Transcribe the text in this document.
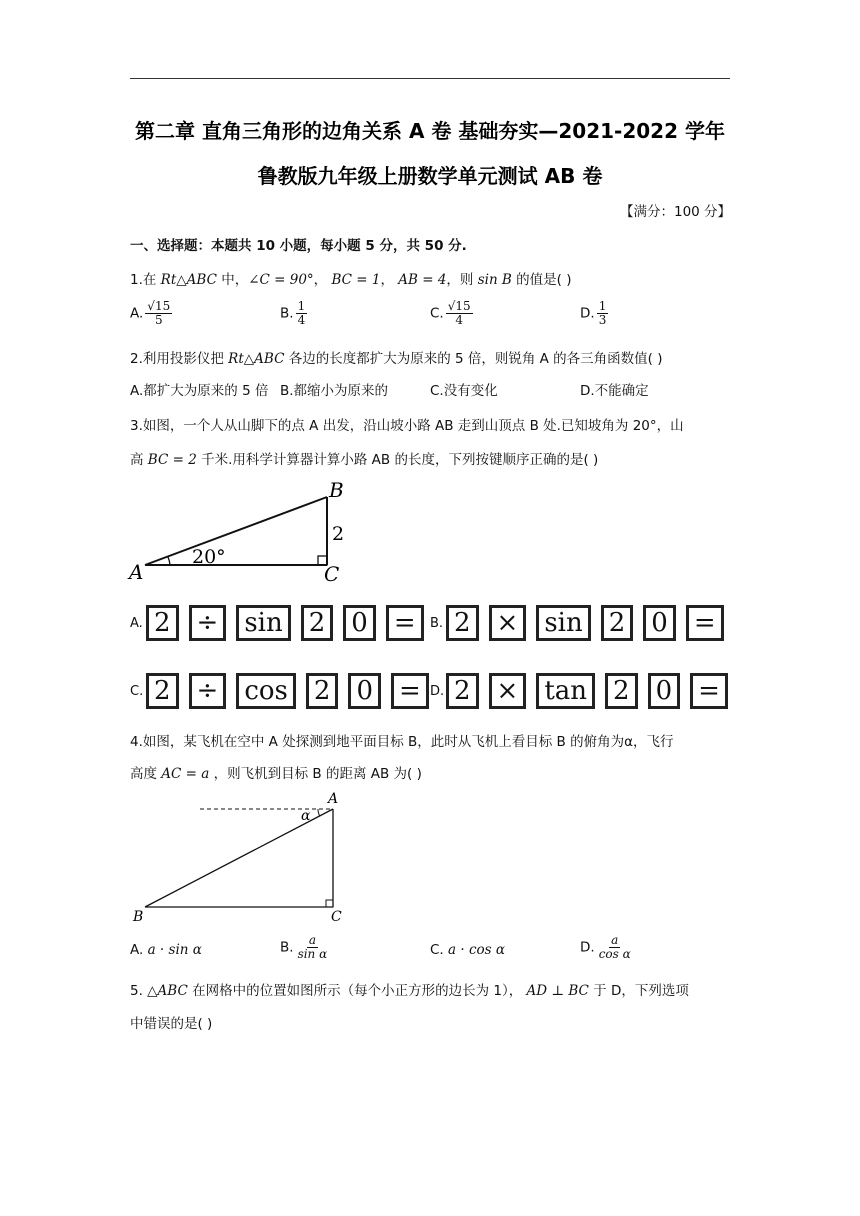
第二章 直角三角形的边角关系 A 卷 基础夯实—2021-2022 学年
鲁教版九年级上册数学单元测试 AB 卷
【满分：100 分】
一、选择题：本题共 10 小题，每小题 5 分，共 50 分.
1.在 Rt△ABC 中，∠C = 90°， BC = 1， AB = 4，则 sin B 的值是( )
A. $\frac{√15}{5}$	B. $\frac{1}{4}$	C. $\frac{√15}{4}$	D. $\frac{1}{3}$
2.利用投影仪把 Rt△ABC 各边的长度都扩大为原来的 5 倍，则锐角 A 的各三角函数值( )
A.都扩大为原来的 5 倍 B.都缩小为原来的	C.没有变化	D.不能确定
3.如图，一个人从山脚下的点 A 出发，沿山坡小路 AB 走到山顶点 B 处.已知坡角为 20°，山
高 BC = 2 千米.用科学计算器计算小路 AB 的长度，下列按键顺序正确的是( )
A
B
C
2
20°
A. 2	÷	sin	2	0	=	B. 2	×	sin	2	0	=
C. 2	÷	cos	2	0	= D. 2	×	tan	2	0	=
4.如图，某飞机在空中 A 处探测到地平面目标 B，此时从飞机上看目标 B 的俯角为α，飞行
高度 AC = a ，则飞机到目标 B 的距离 AB 为( )
A
B	C
α
A. a · sin α	B. $\frac{a}{\text{sin α}}$	C. a · cos α	D. $\frac{a}{\text{cos α}}$
5. △ABC 在网格中的位置如图所示（每个小正方形的边长为 1）， AD ⊥ BC 于 D，下列选项
中错误的是( )
